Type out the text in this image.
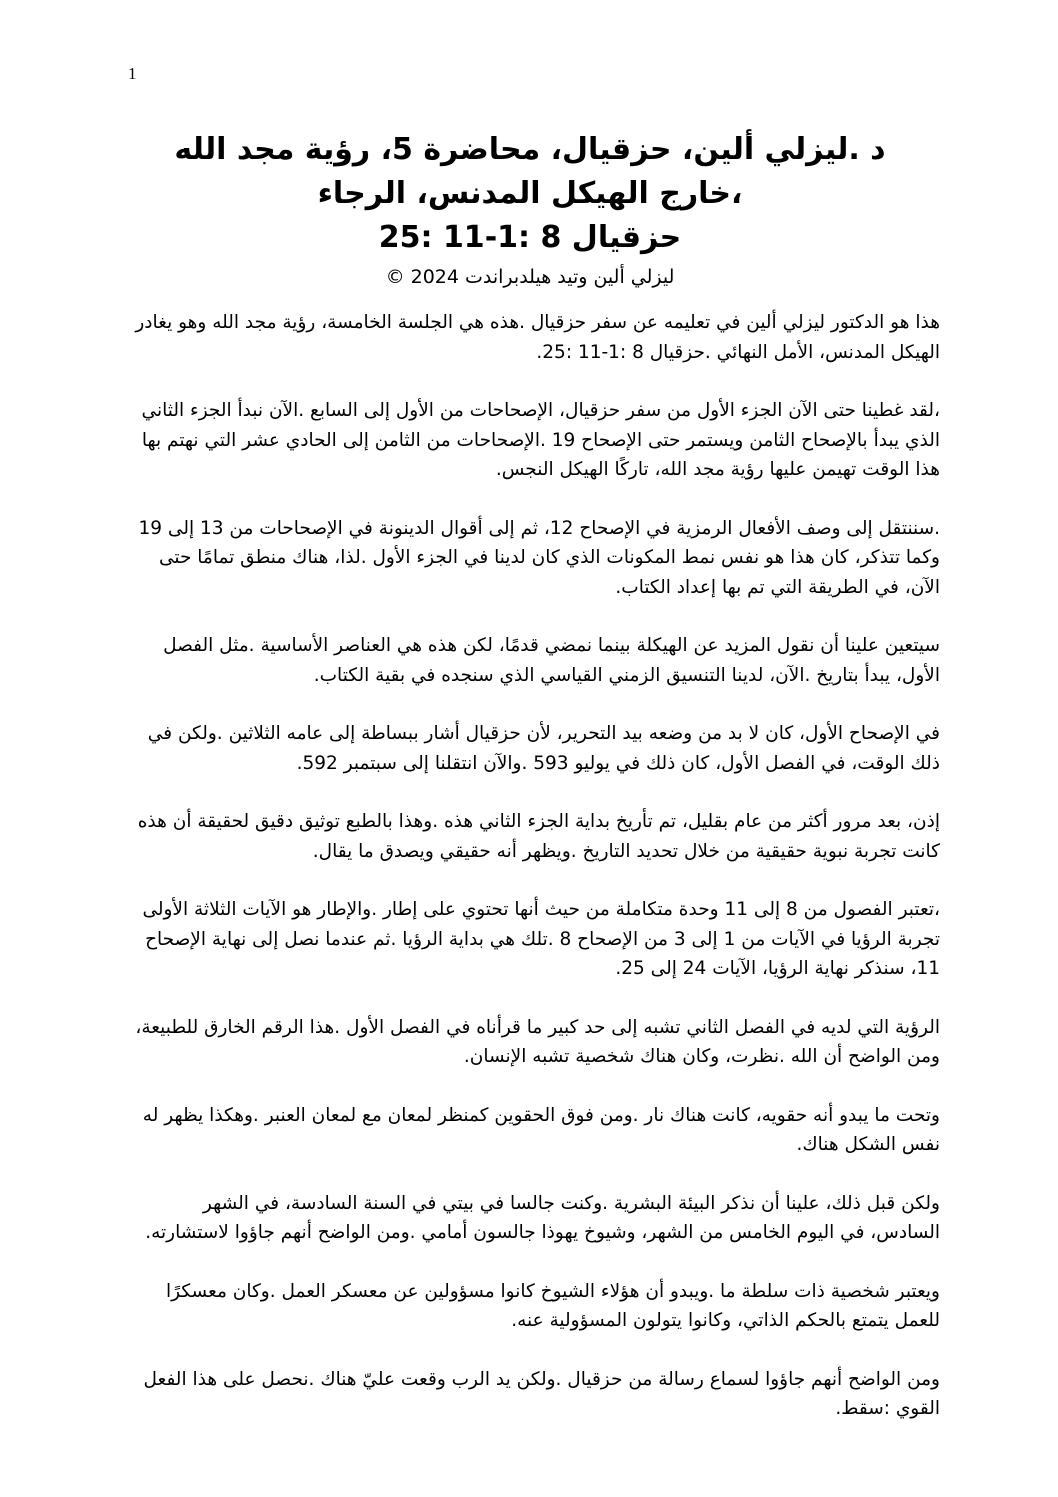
1
د .ليزلي ألين، حزقيال، محاضرة 5، رؤية مجد الله
،خارج الهيكل المدنس، الرجاء
حزقيال 8 :1-11 :25
ليزلي ألين وتيد هيلدبراندت 2024 ©

هذا هو الدكتور ليزلي ألين في تعليمه عن سفر حزقيال .هذه هي الجلسة الخامسة، رؤية مجد الله وهو يغادر الهيكل المدنس، الأمل النهائي .حزقيال 8 :1-11 :25.

،لقد غطينا حتى الآن الجزء الأول من سفر حزقيال، الإصحاحات من الأول إلى السابع .الآن نبدأ الجزء الثاني الذي يبدأ بالإصحاح الثامن ويستمر حتى الإصحاح 19 .الإصحاحات من الثامن إلى الحادي عشر التي نهتم بها هذا الوقت تهيمن عليها رؤية مجد الله، تاركًا الهيكل النجس.

.سننتقل إلى وصف الأفعال الرمزية في الإصحاح 12، ثم إلى أقوال الدينونة في الإصحاحات من 13 إلى 19 وكما تتذكر، كان هذا هو نفس نمط المكونات الذي كان لدينا في الجزء الأول .لذا، هناك منطق تمامًا حتى الآن، في الطريقة التي تم بها إعداد الكتاب.

سيتعين علينا أن نقول المزيد عن الهيكلة بينما نمضي قدمًا، لكن هذه هي العناصر الأساسية .مثل الفصل الأول، يبدأ بتاريخ .الآن، لدينا التنسيق الزمني القياسي الذي سنجده في بقية الكتاب.

في الإصحاح الأول، كان لا بد من وضعه بيد التحرير، لأن حزقيال أشار ببساطة إلى عامه الثلاثين .ولكن في ذلك الوقت، في الفصل الأول، كان ذلك في يوليو 593 .والآن انتقلنا إلى سبتمبر 592.

إذن، بعد مرور أكثر من عام بقليل، تم تأريخ بداية الجزء الثاني هذه .وهذا بالطبع توثيق دقيق لحقيقة أن هذه كانت تجربة نبوية حقيقية من خلال تحديد التاريخ .ويظهر أنه حقيقي ويصدق ما يقال.

،تعتبر الفصول من 8 إلى 11 وحدة متكاملة من حيث أنها تحتوي على إطار .والإطار هو الآيات الثلاثة الأولى تجربة الرؤيا في الآيات من 1 إلى 3 من الإصحاح 8 .تلك هي بداية الرؤيا .ثم عندما نصل إلى نهاية الإصحاح 11، سنذكر نهاية الرؤيا، الآيات 24 إلى 25.

الرؤية التي لديه في الفصل الثاني تشبه إلى حد كبير ما قرأناه في الفصل الأول .هذا الرقم الخارق للطبيعة، ومن الواضح أن الله .نظرت، وكان هناك شخصية تشبه الإنسان.

وتحت ما يبدو أنه حقويه، كانت هناك نار .ومن فوق الحقوين كمنظر لمعان مع لمعان العنبر .وهكذا يظهر له نفس الشكل هناك.

ولكن قبل ذلك، علينا أن نذكر البيئة البشرية .وكنت جالسا في بيتي في السنة السادسة، في الشهر السادس، في اليوم الخامس من الشهر، وشيوخ يهوذا جالسون أمامي .ومن الواضح أنهم جاؤوا لاستشارته.

ويعتبر شخصية ذات سلطة ما .ويبدو أن هؤلاء الشيوخ كانوا مسؤولين عن معسكر العمل .وكان معسكرًا للعمل يتمتع بالحكم الذاتي، وكانوا يتولون المسؤولية عنه.

ومن الواضح أنهم جاؤوا لسماع رسالة من حزقيال .ولكن يد الرب وقعت عليّ هناك .نحصل على هذا الفعل القوي :سقط.
